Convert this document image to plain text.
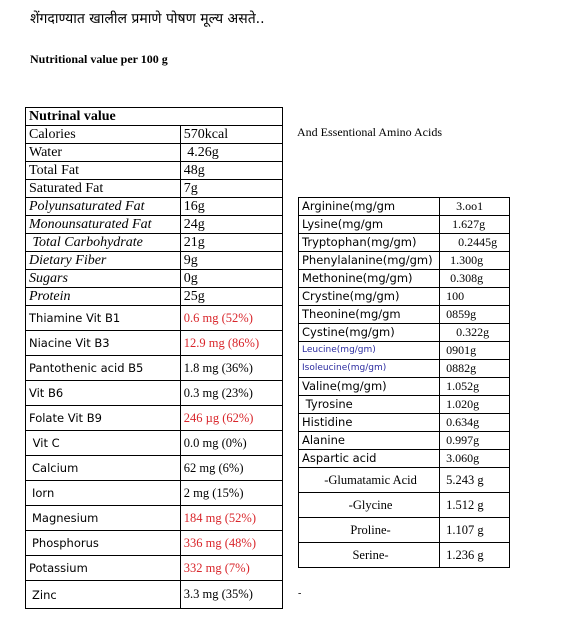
शेंगदाण्यात खालील प्रमाणे पोषण मूल्य असते..
Nutritional value per 100 g
And Essentional Amino Acids
-
Nutrinal value	
Calories	570kcal
Water	4.26g
Total Fat	48g
Saturated Fat	7g
Polyunsaturated Fat	16g
Monounsaturated Fat	24g
Total Carbohydrate	21g
Dietary Fiber	9g
Sugars	0g
Protein	25g
Thiamine Vit B1	0.6 mg (52%)
Niacine Vit B3	12.9 mg (86%)
Pantothenic acid B5	1.8 mg (36%)
Vit B6	0.3 mg (23%)
Folate Vit B9	246 µg (62%)
Vit C	0.0 mg (0%)
Calcium	62 mg (6%)
Iorn	2 mg (15%)
Magnesium	184 mg (52%)
Phosphorus	336 mg (48%)
Potassium	332 mg (7%)
Zinc	3.3 mg (35%)
Arginine(mg/gm	3.oo1
Lysine(mg/gm	1.627g
Tryptophan(mg/gm)	0.2445g
Phenylalanine(mg/gm)	1.300g
Methonine(mg/gm)	0.308g
Crystine(mg/gm)	100
Theonine(mg/gm	0859g
Cystine(mg/gm)	0.322g
Leucine(mg/gm)	0901g
Isoleucine(mg/gm)	0882g
Valine(mg/gm)	1.052g
Tyrosine	1.020g
Histidine	0.634g
Alanine	0.997g
Aspartic acid	3.060g
-Glumatamic Acid	5.243 g
-Glycine	1.512 g
Proline-	1.107 g
Serine-	1.236 g
